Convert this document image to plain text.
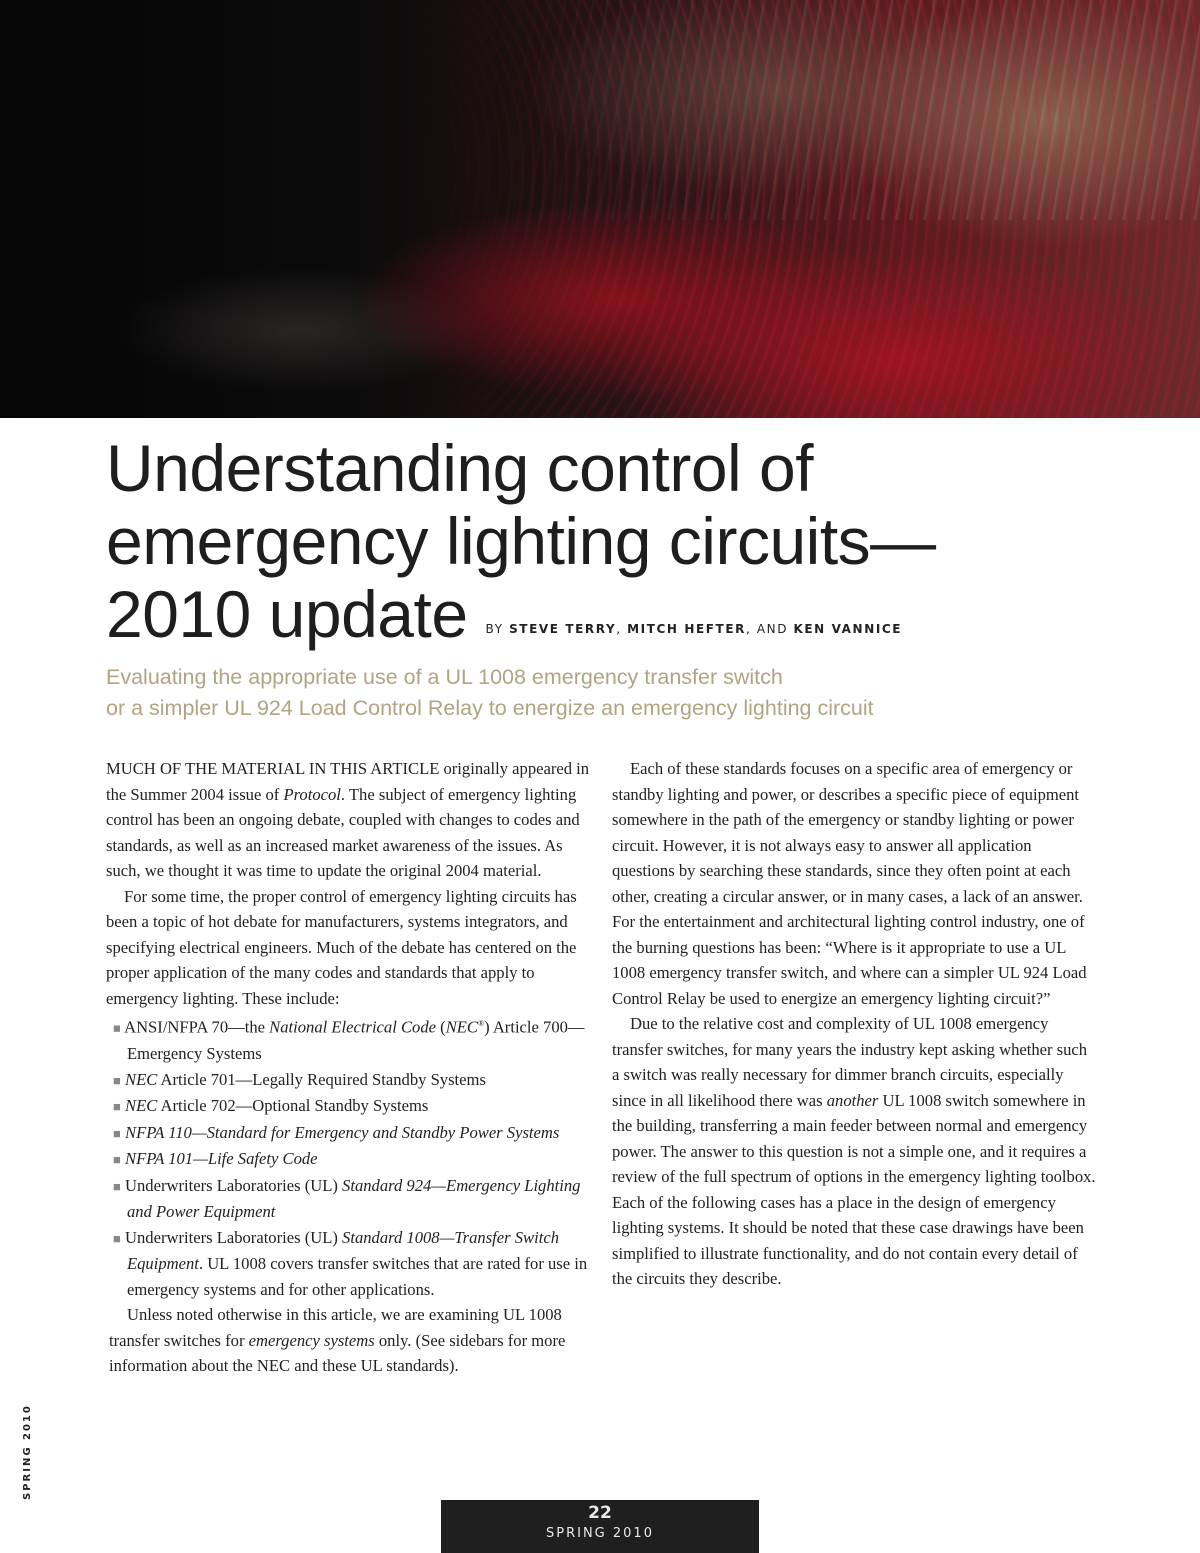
Understanding control of
emergency lighting circuits—
2010 update BY STEVE TERRY, MITCH HEFTER, AND KEN VANNICE
Evaluating the appropriate use of a UL 1008 emergency transfer switch
or a simpler UL 924 Load Control Relay to energize an emergency lighting circuit

MUCH OF THE MATERIAL IN THIS ARTICLE originally appeared in the Summer 2004 issue of Protocol. The subject of emergency lighting control has been an ongoing debate, coupled with changes to codes and standards, as well as an increased market awareness of the issues. As such, we thought it was time to update the original 2004 material.

For some time, the proper control of emergency lighting circuits has been a topic of hot debate for manufacturers, systems integrators, and specifying electrical engineers. Much of the debate has centered on the proper application of the many codes and standards that apply to emergency lighting. These include:

■ ANSI/NFPA 70—the National Electrical Code (NEC®) Article 700—Emergency Systems

■ NEC Article 701—Legally Required Standby Systems

■ NEC Article 702—Optional Standby Systems

■ NFPA 110—Standard for Emergency and Standby Power Systems

■ NFPA 101—Life Safety Code

■ Underwriters Laboratories (UL) Standard 924—Emergency Lighting and Power Equipment

■ Underwriters Laboratories (UL) Standard 1008—Transfer Switch Equipment. UL 1008 covers transfer switches that are rated for use in emergency systems and for other applications.

Unless noted otherwise in this article, we are examining UL 1008 transfer switches for emergency systems only. (See sidebars for more information about the NEC and these UL standards).

Each of these standards focuses on a specific area of emergency or standby lighting and power, or describes a specific piece of equipment somewhere in the path of the emergency or standby lighting or power circuit. However, it is not always easy to answer all application questions by searching these standards, since they often point at each other, creating a circular answer, or in many cases, a lack of an answer. For the entertainment and architectural lighting control industry, one of the burning questions has been: “Where is it appropriate to use a UL 1008 emergency transfer switch, and where can a simpler UL 924 Load Control Relay be used to energize an emergency lighting circuit?”

Due to the relative cost and complexity of UL 1008 emergency transfer switches, for many years the industry kept asking whether such a switch was really necessary for dimmer branch circuits, especially since in all likelihood there was another UL 1008 switch somewhere in the building, transferring a main feeder between normal and emergency power. The answer to this question is not a simple one, and it requires a review of the full spectrum of options in the emergency lighting toolbox. Each of the following cases has a place in the design of emergency lighting systems. It should be noted that these case drawings have been simplified to illustrate functionality, and do not contain every detail of the circuits they describe.

SPRING 2010
22
SPRING 2010
